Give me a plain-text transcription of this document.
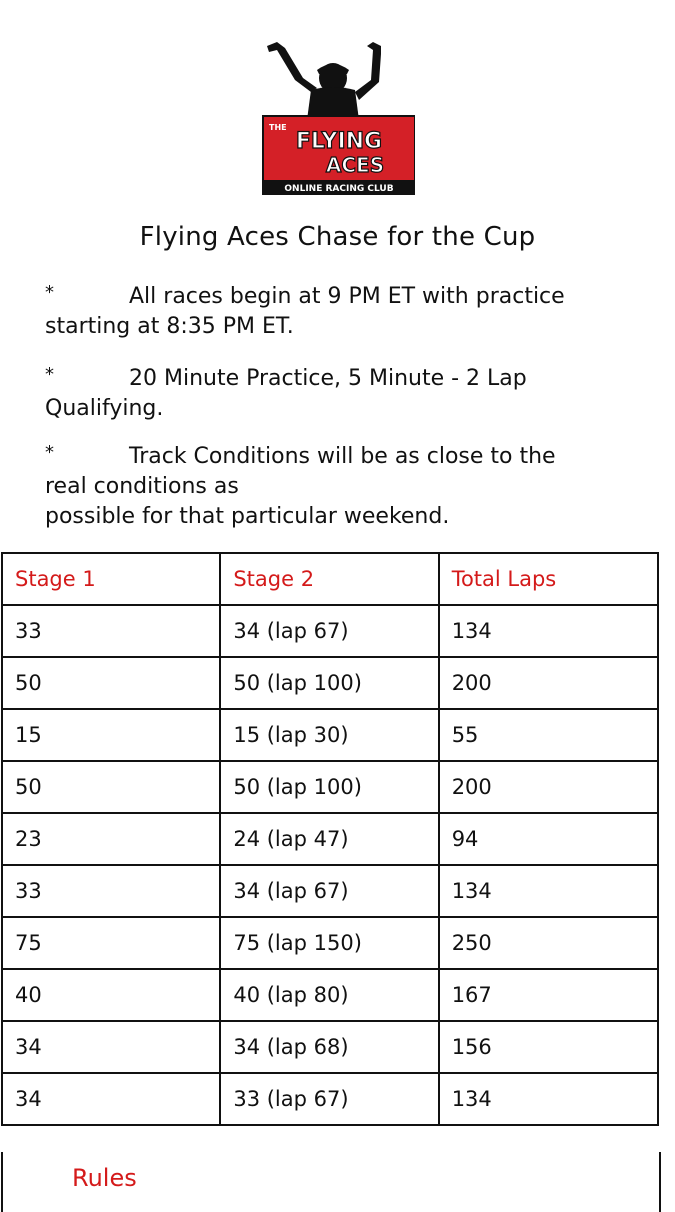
THE
FLYING
ACES
ONLINE RACING CLUB
Flying Aces Chase for the Cup
*	All races begin at 9 PM ET with practice
starting at 8:35 PM ET.
*	20 Minute Practice, 5 Minute - 2 Lap
Qualifying.
*	Track Conditions will be as close to the
real conditions as
possible for that particular weekend.
Stage 1	Stage 2	Total Laps
33	34 (lap 67)	134
50	50 (lap 100)	200
15	15 (lap 30)	55
50	50 (lap 100)	200
23	24 (lap 47)	94
33	34 (lap 67)	134
75	75 (lap 150)	250
40	40 (lap 80)	167
34	34 (lap 68)	156
34	33 (lap 67)	134
Rules
